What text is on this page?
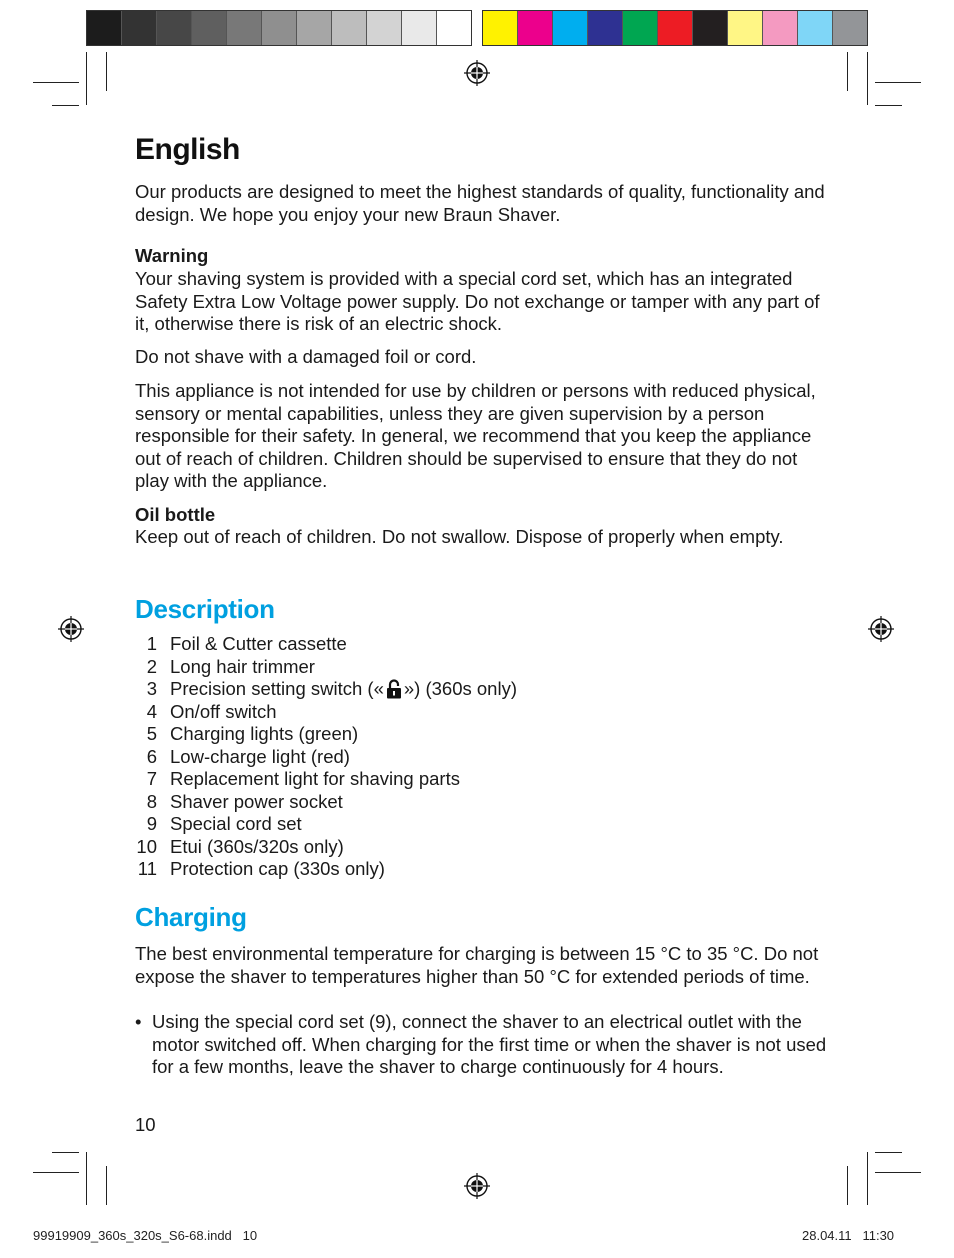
English

Our products are designed to meet the highest standards of quality, functionality and design. We hope you enjoy your new Braun Shaver.

Warning

Your shaving system is provided with a special cord set, which has an integrated Safety Extra Low Voltage power supply. Do not exchange or tamper with any part of it, otherwise there is risk of an electric shock.

Do not shave with a damaged foil or cord.

This appliance is not intended for use by children or persons with reduced physical, sensory or mental capabilities, unless they are given supervision by a person responsible for their safety. In general, we recommend that you keep the appliance out of reach of children. Children should be supervised to ensure that they do not play with the appliance.

Oil bottle

Keep out of reach of children. Do not swallow. Dispose of properly when empty.

Description
1 Foil & Cutter cassette
2 Long hair trimmer
3 Precision setting switch (« ») (360s only)
4 On/off switch
5 Charging lights (green)
6 Low-charge light (red)
7 Replacement light for shaving parts
8 Shaver power socket
9 Special cord set
10 Etui (360s/320s only)
11 Protection cap (330s only)
Charging

The best environmental temperature for charging is between 15 °C to 35 °C. Do not expose the shaver to temperatures higher than 50 °C for extended periods of time.

• Using the special cord set (9), connect the shaver to an electrical outlet with the motor switched off. When charging for the first time or when the shaver is not used for a few months, leave the shaver to charge continuously for 4 hours.

10
99919909_360s_320s_S6-68.indd   10	28.04.11   11:30
